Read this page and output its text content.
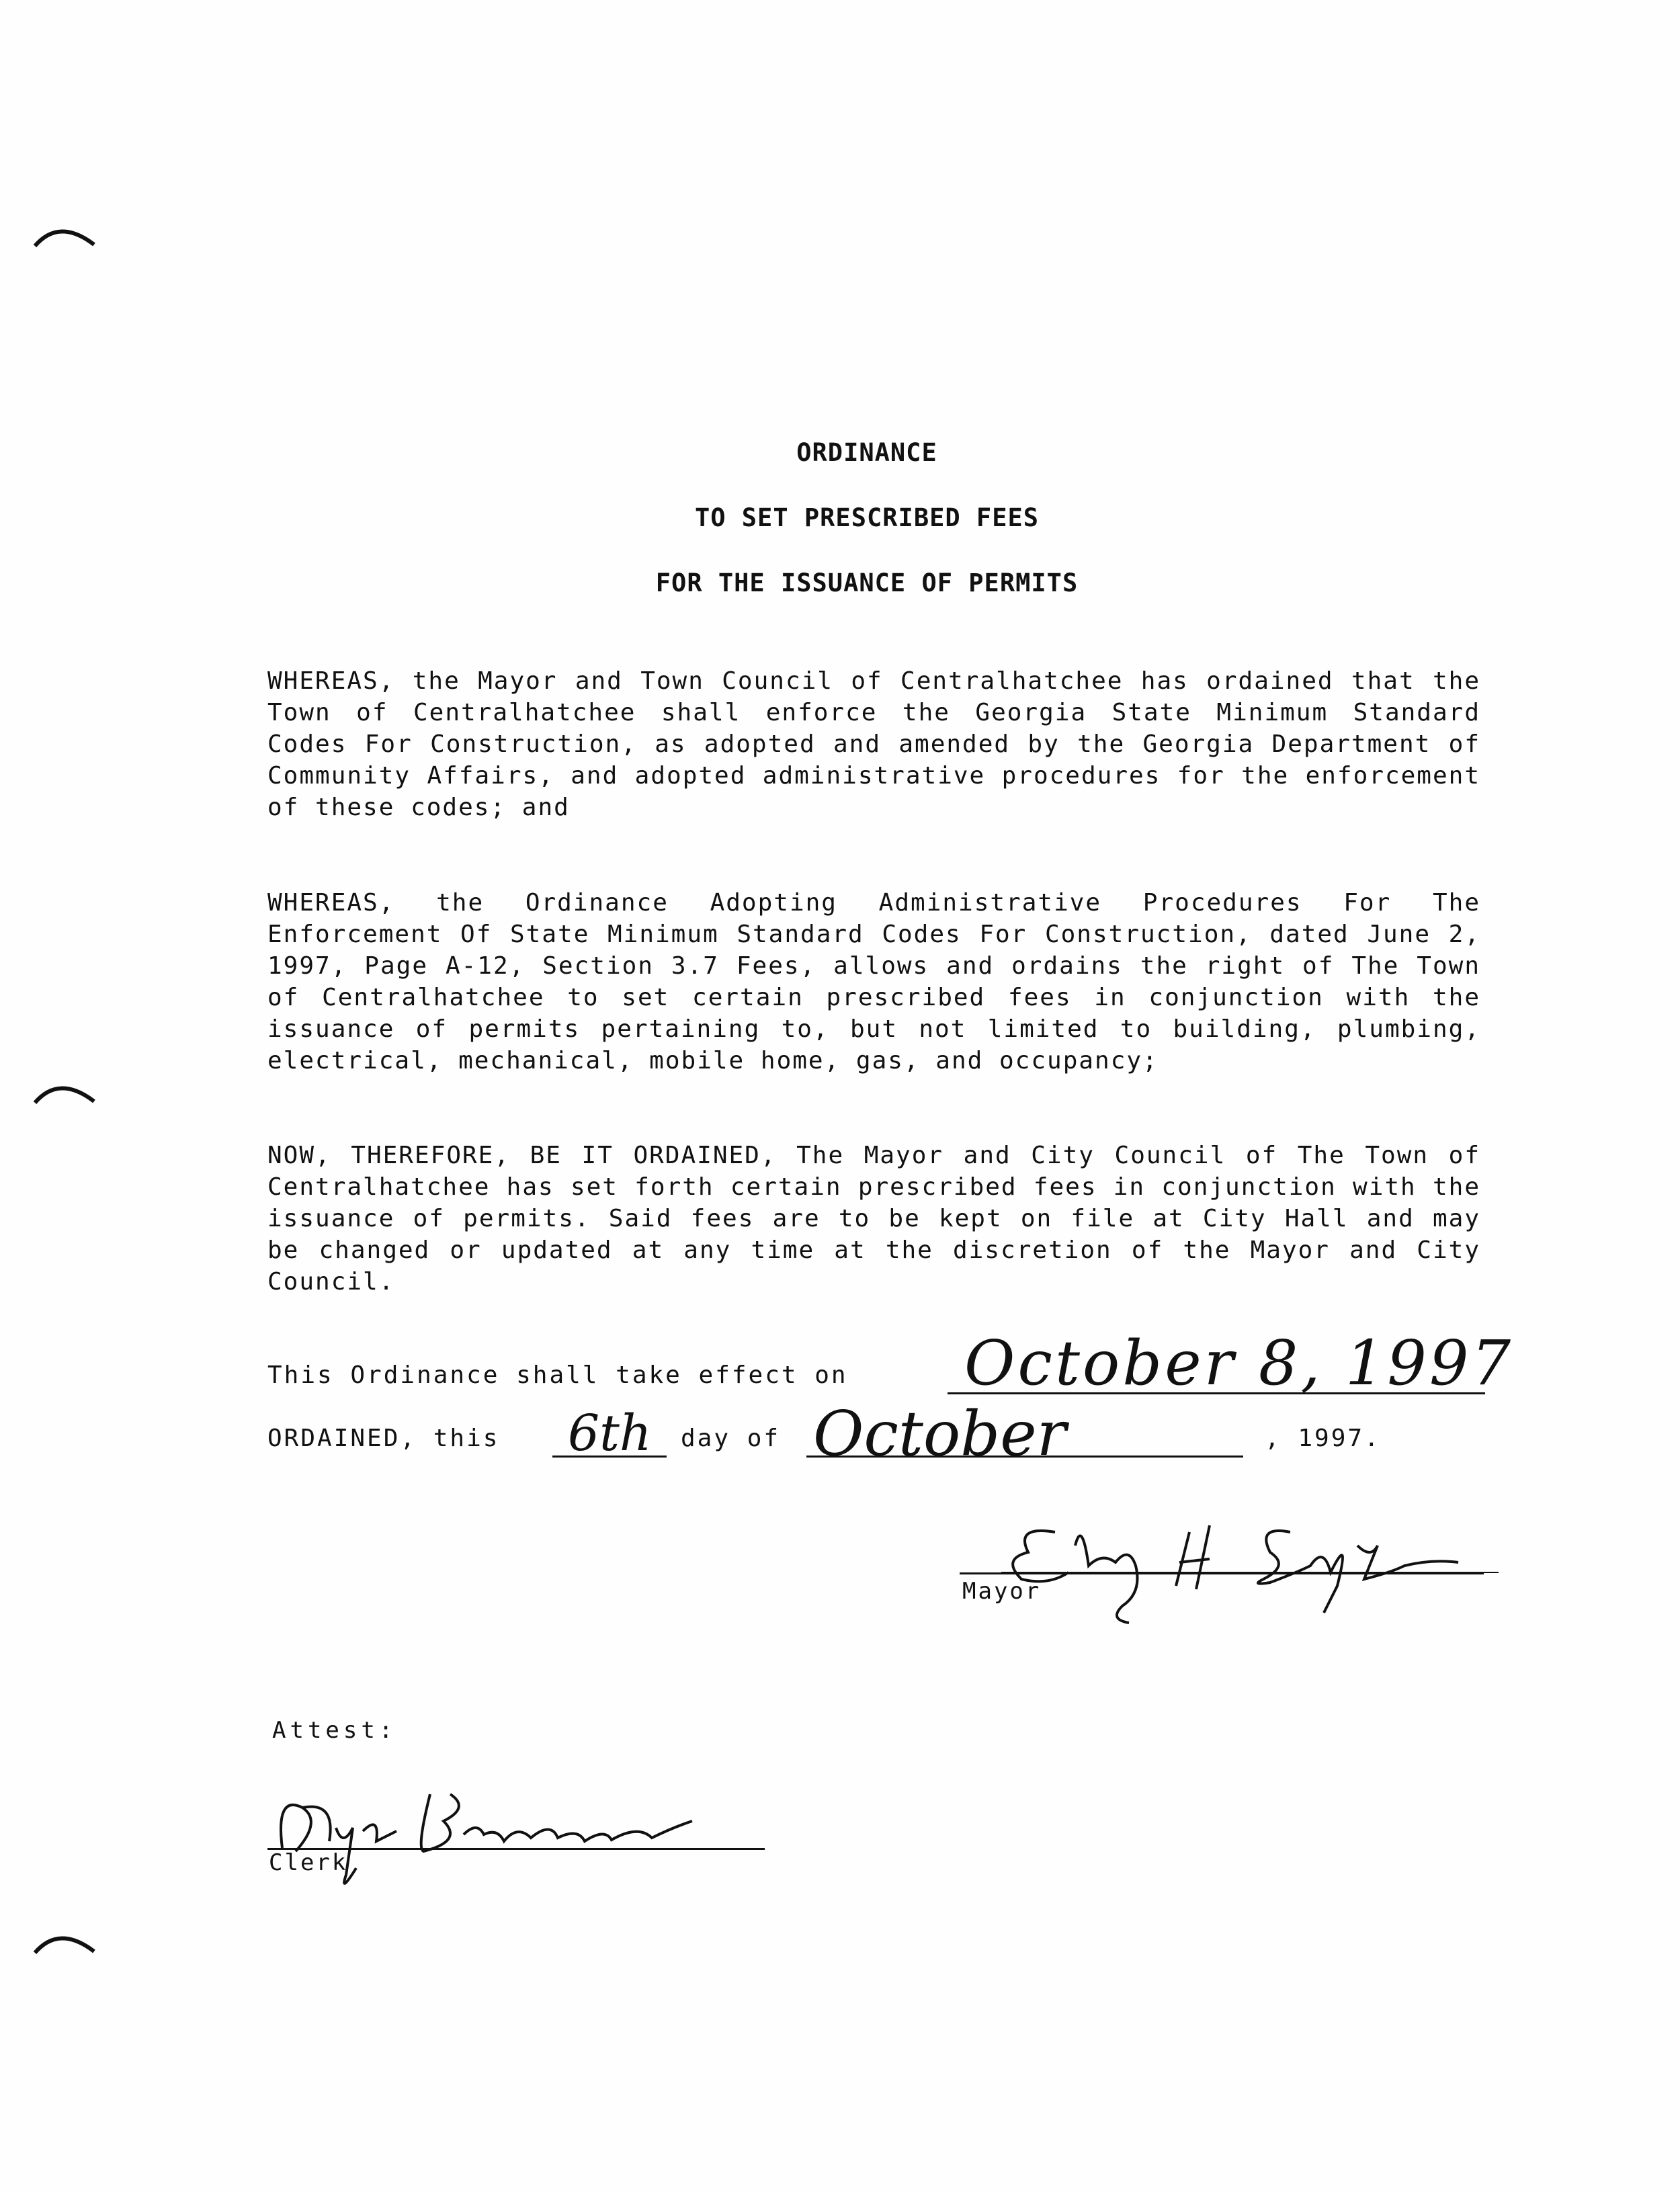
ORDINANCE
TO SET PRESCRIBED FEES
FOR THE ISSUANCE OF PERMITS
WHEREAS, the Mayor and Town Council of Centralhatchee has ordained that the Town of Centralhatchee shall enforce the Georgia State Minimum Standard Codes For Construction, as adopted and amended by the Georgia Department of Community Affairs, and adopted administrative procedures for the enforcement of these codes; and
WHEREAS, the Ordinance Adopting Administrative Procedures For The Enforcement Of State Minimum Standard Codes For Construction, dated June 2, 1997, Page A-12, Section 3.7 Fees, allows and ordains the right of The Town of Centralhatchee to set certain prescribed fees in conjunction with the issuance of permits pertaining to, but not limited to building, plumbing, electrical, mechanical, mobile home, gas, and occupancy;
NOW, THEREFORE, BE IT ORDAINED, The Mayor and City Council of The Town of Centralhatchee has set forth certain prescribed fees in conjunction with the issuance of permits. Said fees are to be kept on file at City Hall and may be changed or updated at any time at the discretion of the Mayor and City Council.
This Ordinance shall take effect on October 8, 1997
ORDAINED, this 6th day of October	, 1997.
Mayor
Attest:
Clerk
